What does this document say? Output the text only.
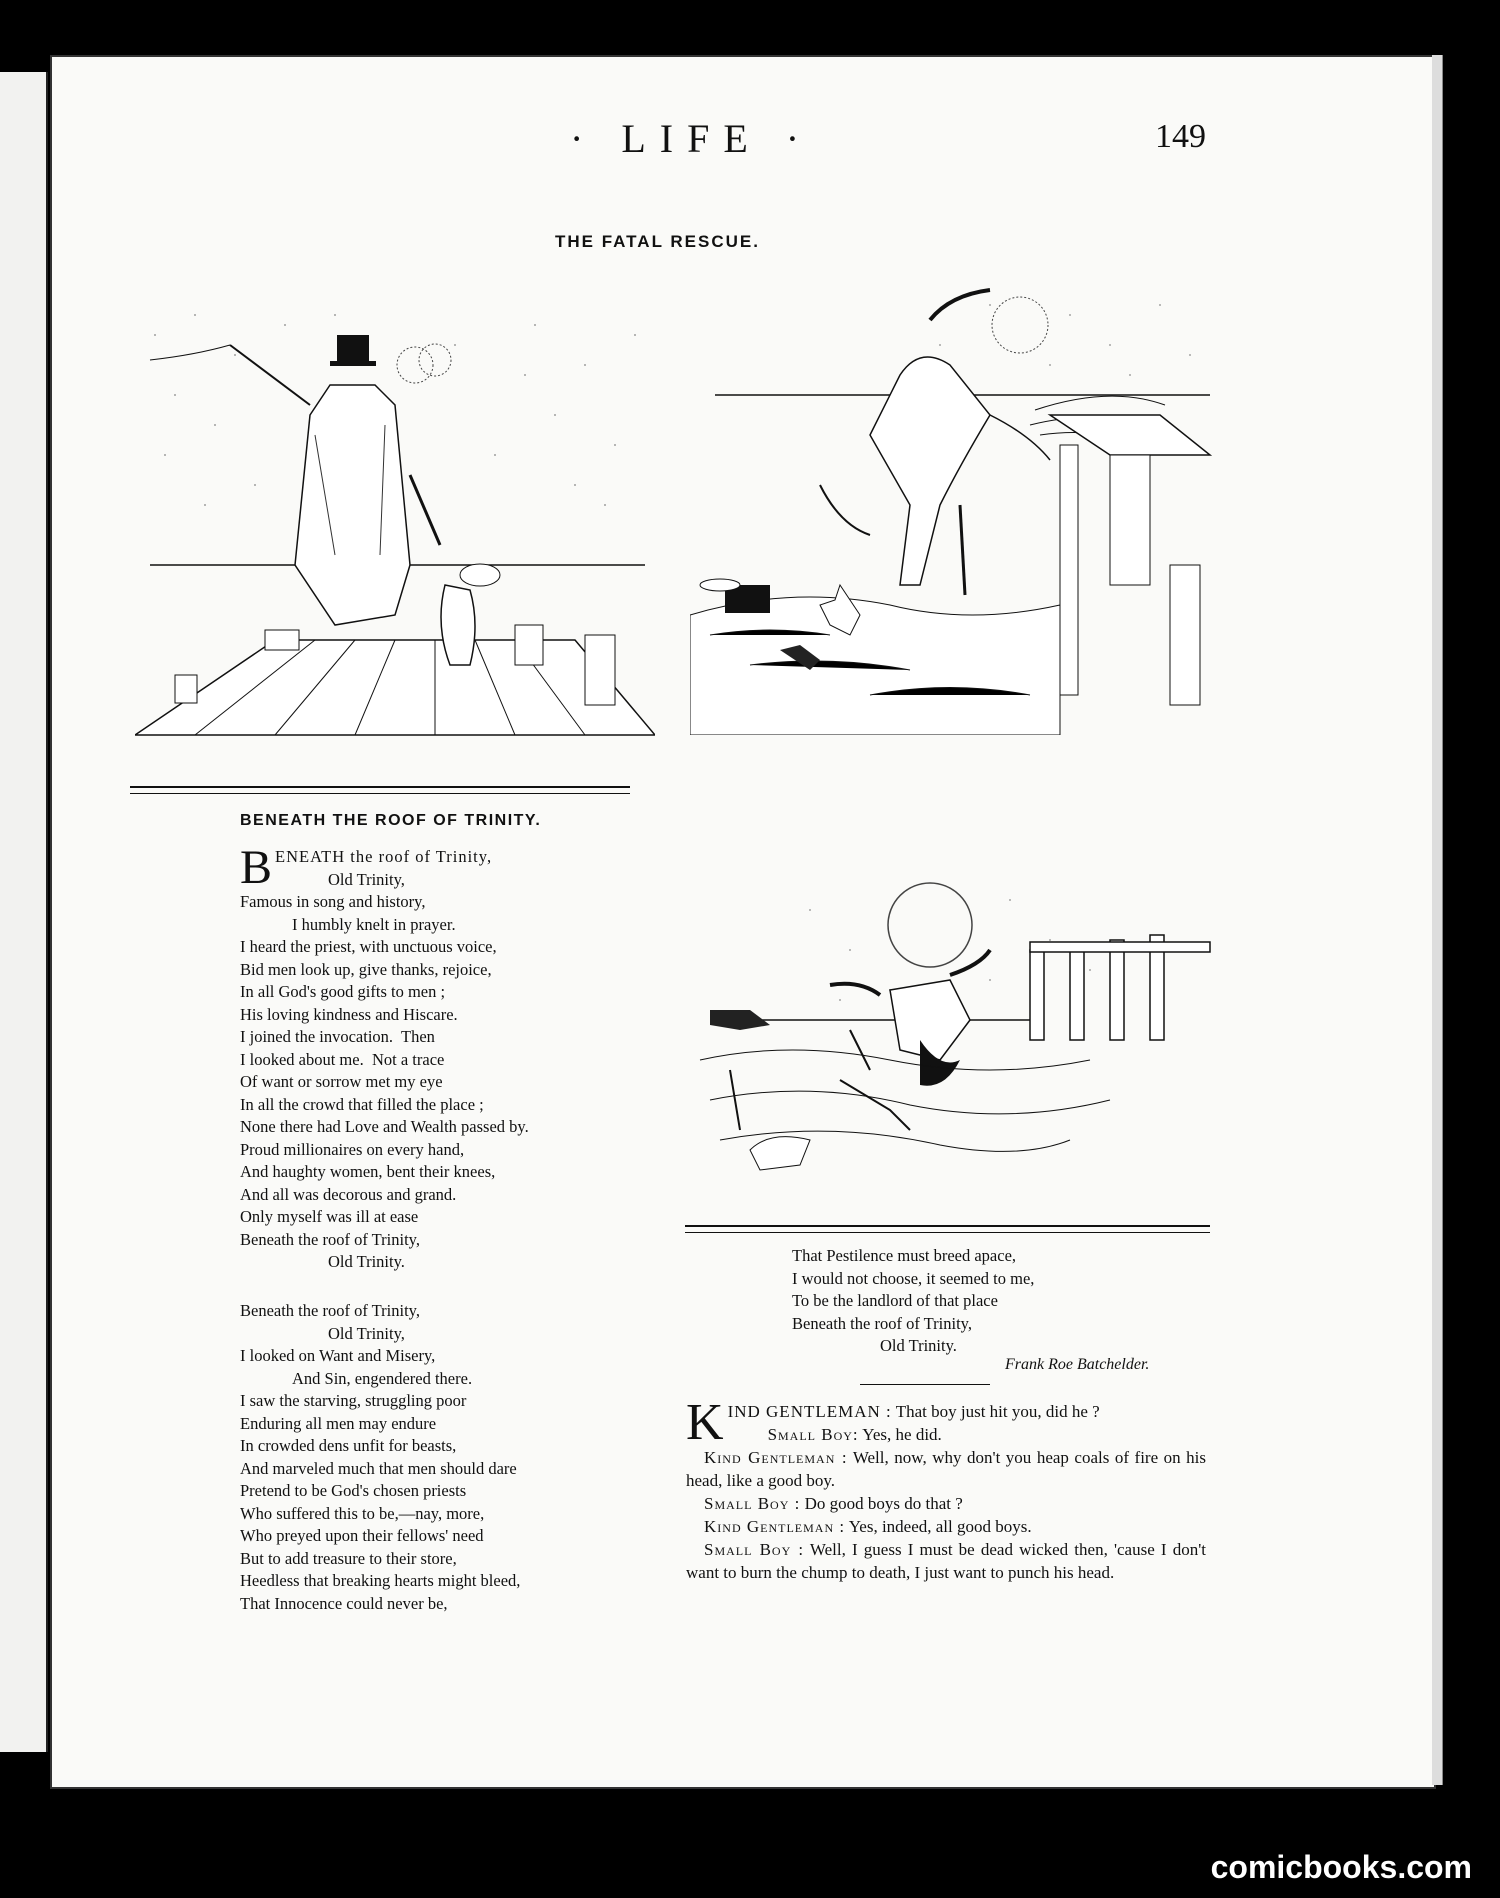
· LIFE ·	149
THE FATAL RESCUE.
BENEATH THE ROOF OF TRINITY.
BENEATH the roof of Trinity,
Old Trinity,
Famous in song and history,
I humbly knelt in prayer.
I heard the priest, with unctuous voice,
Bid men look up, give thanks, rejoice,
In all God's good gifts to men ;
His loving kindness and Hiscare.
I joined the invocation.  Then
I looked about me.  Not a trace
Of want or sorrow met my eye
In all the crowd that filled the place ;
None there had Love and Wealth passed by.
Proud millionaires on every hand,
And haughty women, bent their knees,
And all was decorous and grand.
Only myself was ill at ease
Beneath the roof of Trinity,
Old Trinity.
Beneath the roof of Trinity,
Old Trinity,
I looked on Want and Misery,
And Sin, engendered there.
I saw the starving, struggling poor
Enduring all men may endure
In crowded dens unfit for beasts,
And marveled much that men should dare
Pretend to be God's chosen priests
Who suffered this to be,—nay, more,
Who preyed upon their fellows' need
But to add treasure to their store,
Heedless that breaking hearts might bleed,
That Innocence could never be,
That Pestilence must breed apace,
I would not choose, it seemed to me,
To be the landlord of that place
Beneath the roof of Trinity,
Old Trinity.
Frank Roe Batchelder.

KIND GENTLEMAN : That boy just hit you, did he ?

Small Boy: Yes, he did.

Kind Gentleman : Well, now, why don't you heap coals of fire on his head, like a good boy.

Small Boy : Do good boys do that ?

Kind Gentleman : Yes, indeed, all good boys.

Small Boy : Well, I guess I must be dead wicked then, 'cause I don't want to burn the chump to death, I just want to punch his head.

comicbooks.com
